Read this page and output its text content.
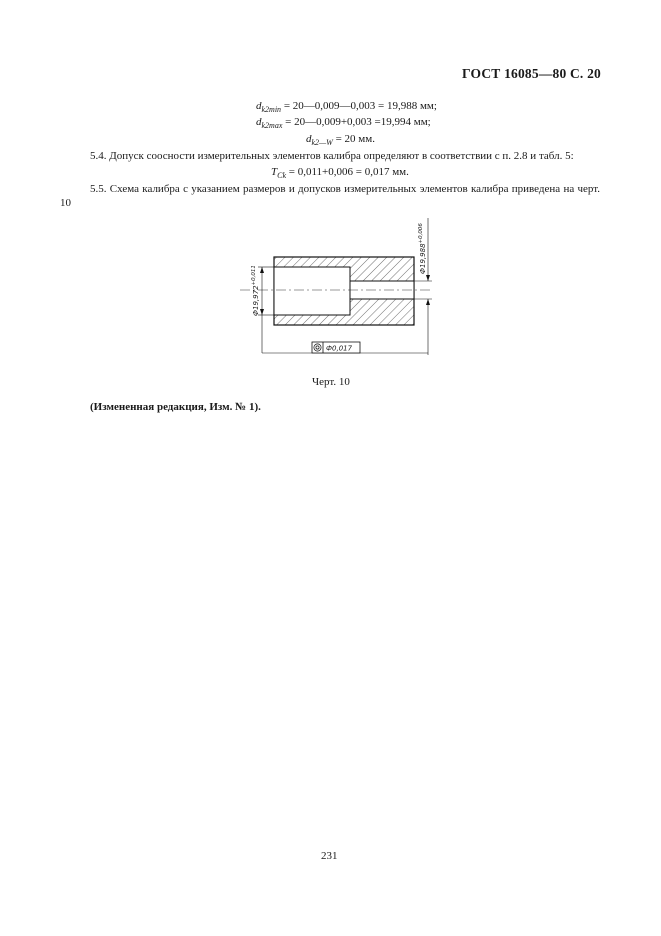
ГОСТ 16085—80 С. 20
$d_{k2min}$ = 20—0,009—0,003 = 19,988 мм;
$d_{k2max}$ = 20—0,009+0,003 =19,994 мм;
$d_{k2—W} = 20$ мм.
5.4. Допуск соосности измерительных элементов калибра определяют в соответствии с п. 2.8 и табл. 5:
$T_{Ck} = 0,011+0,006 = 0,017$ мм.
5.5. Схема калибра с указанием размеров и допусков измерительных элементов калибра приведена на черт. 10
$Ф19,972^{+0,011}$
$Ф19,988^{+0,006}$
Ф0,017
Черт. 10
(Измененная редакция, Изм. № 1).
231
